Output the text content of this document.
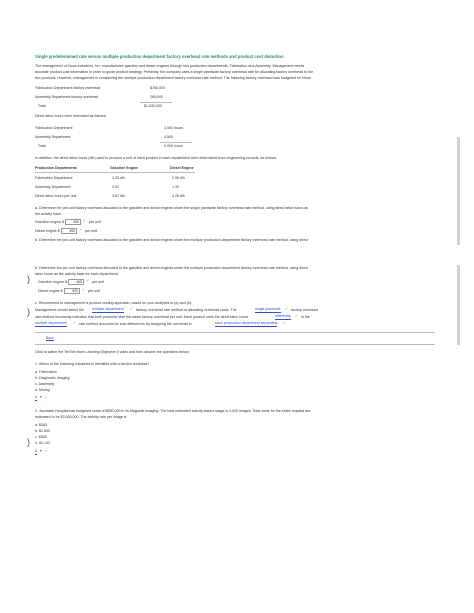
Single predetermined rate versus multiple production department factory overhead rate methods and product cost distortion
The management of Nova Industries, Inc. manufactures gasoline and diesel engines through two production departments, Fabrication and Assembly. Management needs
accurate product cost information in order to guide product strategy. Presently, the company uses a single plantwide factory overhead rate for allocating factory overhead to the
two products. However, management is considering the multiple production department factory overhead rate method. The following factory overhead was budgeted for Nova:
Fabrication Department factory overhead	$765,000
Assembly Department factory overhead	265,000
Total	$1,030,000
Direct labor hours were estimated as follows:
Fabrication Department	4,500 hours
Assembly Department	4,500
Total	9,000 hours
In addition, the direct labor hours (dlh) used to produce a unit of each product in each department were determined from engineering records, as follows:
Production Departments	Gasoline Engine	Diesel Engine
Fabrication Department	1.25 dlh	2.95 dlh
Assembly Department	2.62	1.30
Direct labor hours per unit	3.87 dlh	4.25 dlh
a. Determine the per-unit factory overhead allocated to the gasoline and diesel engines under the single plantwide factory overhead rate method, using direct labor hours as
the activity base.
Gasoline engine $	400	✓ per unit
Diesel engine $	400	✓ per unit
b. Determine the per-unit factory overhead allocated to the gasoline and diesel engines under the multiple production department factory overhead rate method, using direct
b. Determine the per-unit factory overhead allocated to the gasoline and diesel engines under the multiple production department factory overhead rate method, using direct
labor hours as the activity base for each department.
) Gasoline engine $	400	✓ per unit
Diesel engine $	500	✓ per unit
c. Recommend to management a product costing approach, based on your analyses in (a) and (b).
Management should select the multiple department ✓ factory overhead rate method of allocating overhead costs. The	single plantwide ✓ factory overhead
) rate method incorrectly indicates that both products have the same factory overhead per unit. Each product uses the direct labor hours	differently ✓ in the
multiple department ✓ rate method accounts for cost differences by assigning the overhead in	each production department separately ✓
Back
Click to watch the Tell Me More Learning Objective 3 video and then answer the questions below.
1. Which of the following industries is identified with a service business?
a. Fabrication
b. Diagnostic Imaging
c. Assembly
d. Mining
b ▾ ✓
2. Jacobsen Hospital has budgeted costs of $550,000 in its Magnetic Imaging. The total estimated activity-based usage is 2,000 images. Total costs for the entire hospital are
estimated to be $3,000,000. The activity rate per image is
a. $183
b. $1,500
c. $550
d. $2,143
)
d ▾ ✓
